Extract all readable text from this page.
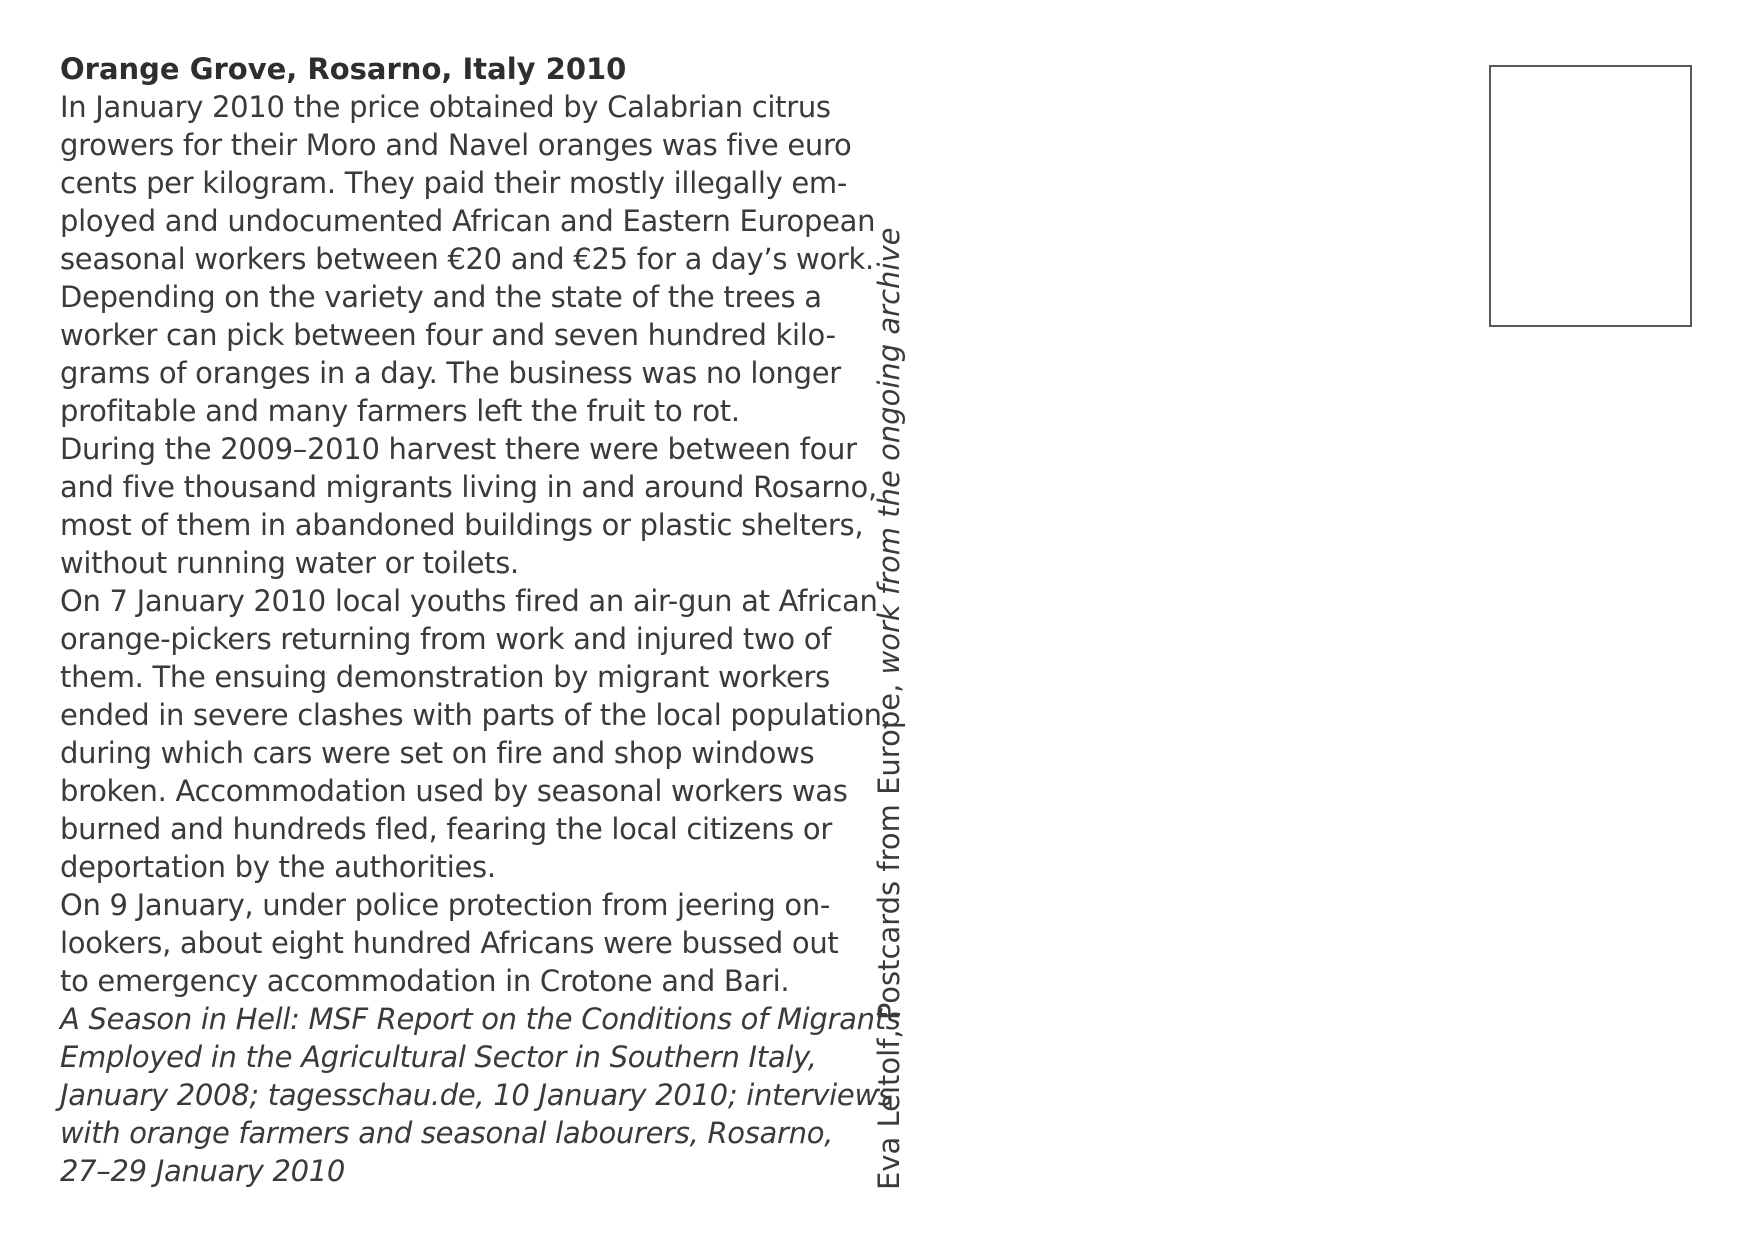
Orange Grove, Rosarno, Italy 2010
In January 2010 the price obtained by Calabrian citrus
growers for their Moro and Navel oranges was five euro
cents per kilogram. They paid their mostly illegally em-
ployed and undocumented African and Eastern European
seasonal workers between €20 and €25 for a day’s work.
Depending on the variety and the state of the trees a
worker can pick between four and seven hundred kilo-
grams of oranges in a day. The business was no longer
profitable and many farmers left the fruit to rot.
During the 2009–2010 harvest there were between four
and five thousand migrants living in and around Rosarno,
most of them in abandoned buildings or plastic shelters,
without running water or toilets.
On 7 January 2010 local youths fired an air-gun at African
orange-pickers returning from work and injured two of
them. The ensuing demonstration by migrant workers
ended in severe clashes with parts of the local population,
during which cars were set on fire and shop windows
broken. Accommodation used by seasonal workers was
burned and hundreds fled, fearing the local citizens or
deportation by the authorities.
On 9 January, under police protection from jeering on-
lookers, about eight hundred Africans were bussed out
to emergency accommodation in Crotone and Bari.
A Season in Hell: MSF Report on the Conditions of Migrants
Employed in the Agricultural Sector in Southern Italy,
January 2008; tagesschau.de, 10 January 2010; interviews
with orange farmers and seasonal labourers, Rosarno,
27–29 January 2010	Eva Leitolf, Postcards from Europe, work from the ongoing archive
